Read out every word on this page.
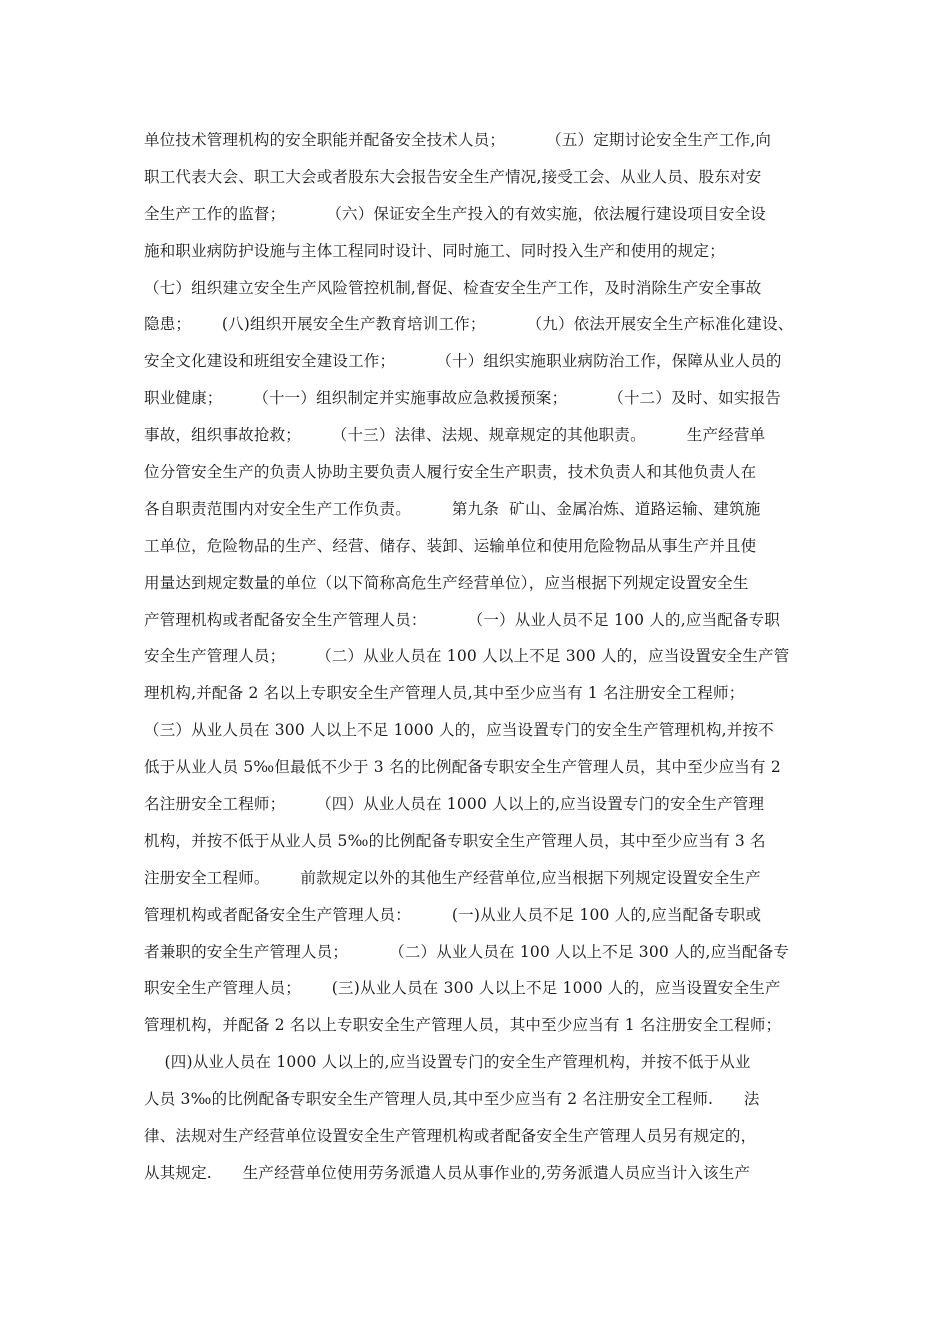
单位技术管理机构的安全职能并配备安全技术人员；        （五）定期讨论安全生产工作,向
职工代表大会、职工大会或者股东大会报告安全生产情况,接受工会、从业人员、股东对安
全生产工作的监督；        （六）保证安全生产投入的有效实施，依法履行建设项目安全设
施和职业病防护设施与主体工程同时设计、同时施工、同时投入生产和使用的规定；
（七）组织建立安全生产风险管控机制,督促、检查安全生产工作，及时消除生产安全事故
隐患；      (八)组织开展安全生产教育培训工作；        （九）依法开展安全生产标准化建设、
安全文化建设和班组安全建设工作；        （十）组织实施职业病防治工作，保障从业人员的
职业健康；      （十一）组织制定并实施事故应急救援预案；        （十二）及时、如实报告
事故，组织事故抢救；      （十三）法律、法规、规章规定的其他职责。        生产经营单
位分管安全生产的负责人协助主要负责人履行安全生产职责，技术负责人和其他负责人在
各自职责范围内对安全生产工作负责。        第九条  矿山、金属冶炼、道路运输、建筑施
工单位，危险物品的生产、经营、储存、装卸、运输单位和使用危险物品从事生产并且使
用量达到规定数量的单位（以下简称高危生产经营单位），应当根据下列规定设置安全生
产管理机构或者配备安全生产管理人员：        （一）从业人员不足 100 人的,应当配备专职
安全生产管理人员；      （二）从业人员在 100 人以上不足 300 人的，应当设置安全生产管
理机构,并配备 2 名以上专职安全生产管理人员,其中至少应当有 1 名注册安全工程师；
（三）从业人员在 300 人以上不足 1000 人的，应当设置专门的安全生产管理机构,并按不
低于从业人员 5‰但最低不少于 3 名的比例配备专职安全生产管理人员，其中至少应当有 2
名注册安全工程师；      （四）从业人员在 1000 人以上的,应当设置专门的安全生产管理
机构，并按不低于从业人员 5‰的比例配备专职安全生产管理人员，其中至少应当有 3 名
注册安全工程师。      前款规定以外的其他生产经营单位,应当根据下列规定设置安全生产
管理机构或者配备安全生产管理人员：        (一)从业人员不足 100 人的,应当配备专职或
者兼职的安全生产管理人员；        （二）从业人员在 100 人以上不足 300 人的,应当配备专
职安全生产管理人员；      (三)从业人员在 300 人以上不足 1000 人的，应当设置安全生产
管理机构，并配备 2 名以上专职安全生产管理人员，其中至少应当有 1 名注册安全工程师；
(四)从业人员在 1000 人以上的,应当设置专门的安全生产管理机构，并按不低于从业
人员 3‰的比例配备专职安全生产管理人员,其中至少应当有 2 名注册安全工程师.      法
律、法规对生产经营单位设置安全生产管理机构或者配备安全生产管理人员另有规定的，
从其规定.      生产经营单位使用劳务派遣人员从事作业的,劳务派遣人员应当计入该生产
